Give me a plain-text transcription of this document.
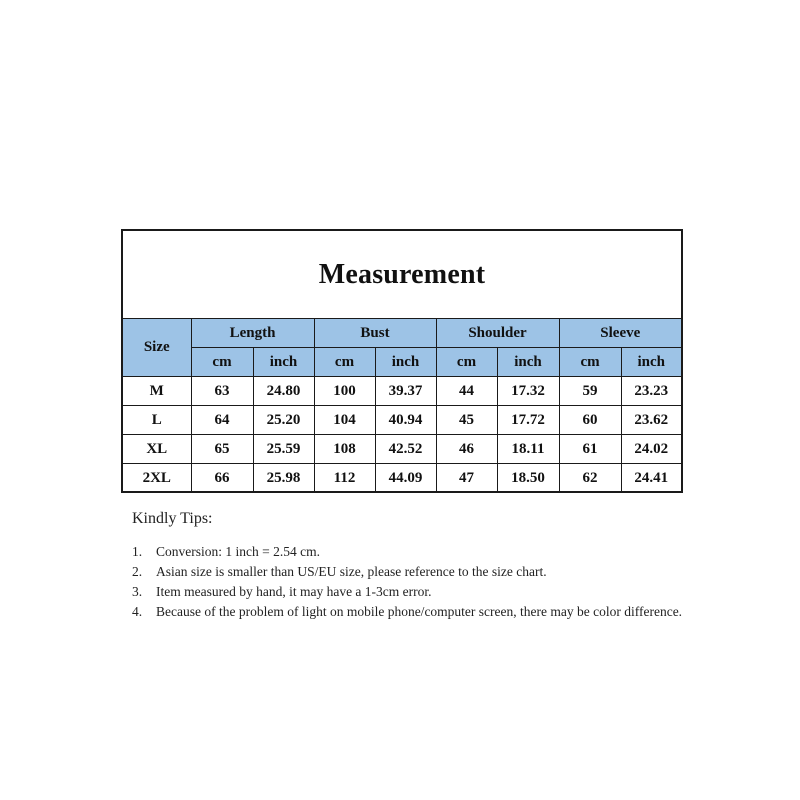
Measurement
Size	Length		Bust		Shoulder		Sleeve	
	cm	inch	cm	inch	cm	inch	cm	inch
M	63	24.80	100	39.37	44	17.32	59	23.23
L	64	25.20	104	40.94	45	17.72	60	23.62
XL	65	25.59	108	42.52	46	18.11	61	24.02
2XL	66	25.98	112	44.09	47	18.50	62	24.41
Kindly Tips:
1.	Conversion: 1 inch = 2.54 cm.
2.	Asian size is smaller than US/EU size, please reference to the size chart.
3.	Item measured by hand, it may have a 1-3cm error.
4.	Because of the problem of light on mobile phone/computer screen, there may be color difference.
